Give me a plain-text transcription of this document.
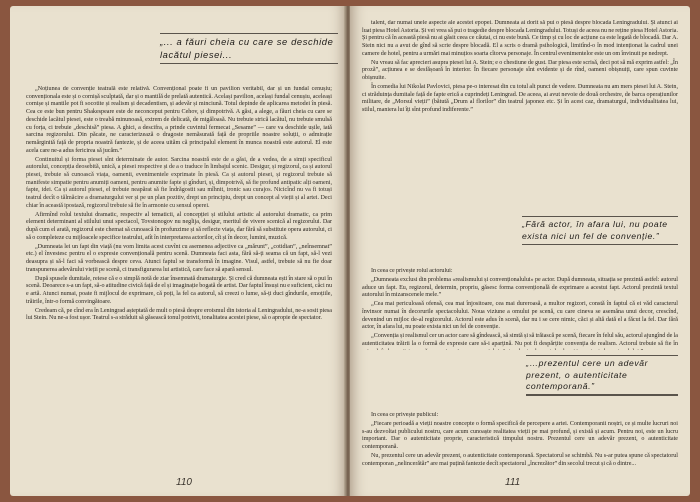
„... a făuri cheia cu care se deschide lacătul piesei...

„Noțiunea de convenție teatrală este relativă. Convențional poate fi un pavilion veritabil, dar și un fundal cenușiu; convenționala este și o cornișă sculptată, dar și o mantilă de prelată autentică. Același pavilion, același fundal cenușiu, aceleași cornișe și mantile pot fi socotite și realism și decadentism, și adevăr și minciună. Totul depinde de aplicarea metodei în piesă. Cea ce este bun pentru Shakespeare este de neconceput pentru Cehov, și dimpotrivă. A găsi, a alege, a făuri cheia cu care se deschide lacătul piesei, este o treabă minunoasă, extrem de delicată, de migăloasă. Nu trebuie strică lacătul, nu trebuie smulsă cu forța, ci trebuie „deschisă” piesa. A ghici, a descifra, a prinde cuvintul fermecat „Sesame” — care va deschide ușile, iată sarcina regizorului. Din păcate, ne caracterizează o dragoste nemăsurată față de propriile noastre soluții, o admirație nemărginită față de propria noastră fantezie, și de aceea uităm că principalul element în munca noastră este autorul. El este acela care ne-a adus fericirea să jucăm.”

Continuitul și forma piesei sînt determinate de autor. Sarcina noastră este de a găsi, de a vedea, de a simți specificul autorului, concepția deosebită, unică, a piesei respective și de a o traduce în limbajul scenic. Desigur, și regizorul, ca și autorul piesei, trebuie să cunoască viața, oamenii, evenimentele exprimate în piesă. Ca și autorul piesei, și regizorul trebuie să manifeste simpatie pentru anumiți oameni, pentru anumite fapte și gînduri, și, dimpotrivă, să fie profund antipatic alți oameni, fapte, idei. Ca și autorul piesei, el trebuie neapărat să fie îndrăgostit sau mîhnit, ironic sau curajos. Nicicînd nu va fi totuși teatrul decît o tălmăcire a dramaturgului ver și pe un plan pozitiv, drept un principiu, drept un concept al vieții și al artei. Deci chiar în această ipostază, regizorul trebuie să fie în armonie cu sensul operei.

Afirmînd rolul textului dramatic, respectiv al tematicii, al concepției și stilului artistic al autorului dramatic, ca prim element determinant al stilului unui spectacol, Tovstonogov nu neglija, desigur, meritul de vivere scenică al regizorului. Dar după cum el arată, regizorul este chemat să cunoască în profunzime și să reflecte viața, dar fără să substituie opera autorului, ci să o completeze cu mijloacele specifice teatrului, atît în interpretarea actorilor, cît și în decor, lumini, muzică.

„Dumneata lei un fapt din viață (nu vom limita acest cuvînt cu asemenea adjective ca „mărunt”, „cotidian”, „neînsemnat” etc.) el învestesc pentru el o expresie convențională pentru scenă. Dumneata faci asta, fără să-ți seama că un fapt, să-l vezi deasupra și să-l faci să vorbească despre ceva. Atunci faptul se transformă în imagine. Visul, astfel, trebuie să nu fie doar transpunerea adevărului vieții pe scenă, ci transfigurarea lui artistică, care face să apară sensul.

După spusele dumitale, reiese că e o simplă notă de ziar însemnată dramaturgie. Și cred că dumneata ești în stare să o pui în scenă. Deoarece s-a un fapt, să-o atitudine civică față de el și imaginație bogată de artist. Dar faptul însuși nu e suficient, căci nu e artă. Atunci numai, poate fi mijlocul de exprimare, că poți, la fel ca autorul, să creezi o lume, să-ți duci gîndurile, emoțiile, trăirile, într-o formă convingătoare.

Credeam că, pe cînd era în Leningrad așteptată de mult o piesă despre eroismul din istoria al Leningradului, ne-a sosit piesa lui Stein. Nu ne-a fost ușor. Teatrul s-a străduit să găsească tonul potrivit, tonalitatea acestei piese, să o apropie de spectator.

110

talent, dar numai unele aspecte ale acestei epopei. Dumneata ai dorit să pui o piesă despre blocada Leningradului. Și atunci ai luat piesa Hotel Astoria. Și vei vrea să pui o tragedie despre blocada Leningradului. Totuși de aceea nu ne reține piesa Hotel Astoria. Și pentru că în această piesă nu ai găsit ceea ce căutai, ci nu este bună. Ce timp și cu loc de acțiune ca este legată de blocadă. Dar A. Stein nici nu a avut de gînd să scrie despre blocadă. El a scris o dramă psihologică, limitînd-o în mod intenționat la cadrul unei camere de hotel, pentru a urmări mai minuțios soarta cîtorva personaje. În centrul evenimentelor este un om învinuit pe nedrept.

Nu vreau să fac aprecieri asupra piesei lui A. Stein; e o chestiune de gust. Dar piesa este scrisă, deci pot să mă exprim astfel: „În proză”, acțiunea e se desfășoară în interior. În fiecare personaje sînt evidente și de rînd, oameni obișnuiți, care spun cuvinte obișnuite.

În comedia lui Nikolai Pavlovici, piesa pe-o interesat din cu totul alt punct de vedere. Dumneata nu am mers piesei lui A. Stein, ci străduința dumitale față de fapte erică a cuprindeți Leningrad. De aceea, ai avut nevoie de două orchestre, de barca operațiunilor militare, de „Morsul vieții” (bătută „Drum al florilor” din teatrul japonez etc. Și în acest caz, dramaturgul, individualitatea lui, stilul, maniera lui îți sînt profund indiferente.”

„Fără actor, în afara lui, nu poate exista nici un fel de convenție.”

În ceea ce privește rolul actorului:

„Dumneata exclusi din problema «realismului și convenționalului» pe actor. După dumneata, situația se prezintă astfel: autorul aduce un fapt. Eu, regizorul, determin, propriu, găsesc forma convențională de exprimare a acestui fapt. Actorul prezintă textul autorului în mizanscenele mele.”

„Cea mai periculoasă ofensă, cea mai înjositoare, cea mai dureroasă, a multor regizori, constă în faptul că ei văd caracterul învinsor numai în decorurile spectacolului. Noua viziune a omului pe scenă, cu care cineva se asemăna unui decor, crescînd, devenind un mijloc de-al regizorului. Actorul este adus în scenă, dar nu i se cere nimic, căci și altă dată el a făcut la fel. Dar fără actor, în afara lui, nu poate exista nici un fel de convenție.

„Convenția și realismul cer un actor care să gîndească, să simtă și să trăiască pe scenă, fiecare în felul său, actorul ajungînd de la autenticitatea trăirii la o formă de expresie care să-i aparțină. Nu pot fi despărțite convenția de realism. Actorul trebuie să fie în

„…prezentul cere un adevăr prezent, o autenticitate contemporană.”

În ceea ce privește publicul:

„Fiecare perioadă a vieții noastre concepte o formă specifică de percepere a artei. Contemporanii noștri, ce și multe lucruri noi s-au dezvoltat publicului nostru, care acum cunoaște realitatea vieții pe mai profund, și există și acum. Pentru noi, este un lucru important. Dar o autenticitate proprie, caracteristică timpului nostru. Prezentul cere un adevăr prezent, o autenticitate contemporană.

Nu, prezentul cere un adevăr prezent, o autenticitate contemporană. Spectatorul se schimbă. Nu s-ar putea spune că spectatorul contemporan „nelincerătăr” are mai puțină fantezie decît spectatorul „încrezător” din secolul trecut și că o dintre...

111
